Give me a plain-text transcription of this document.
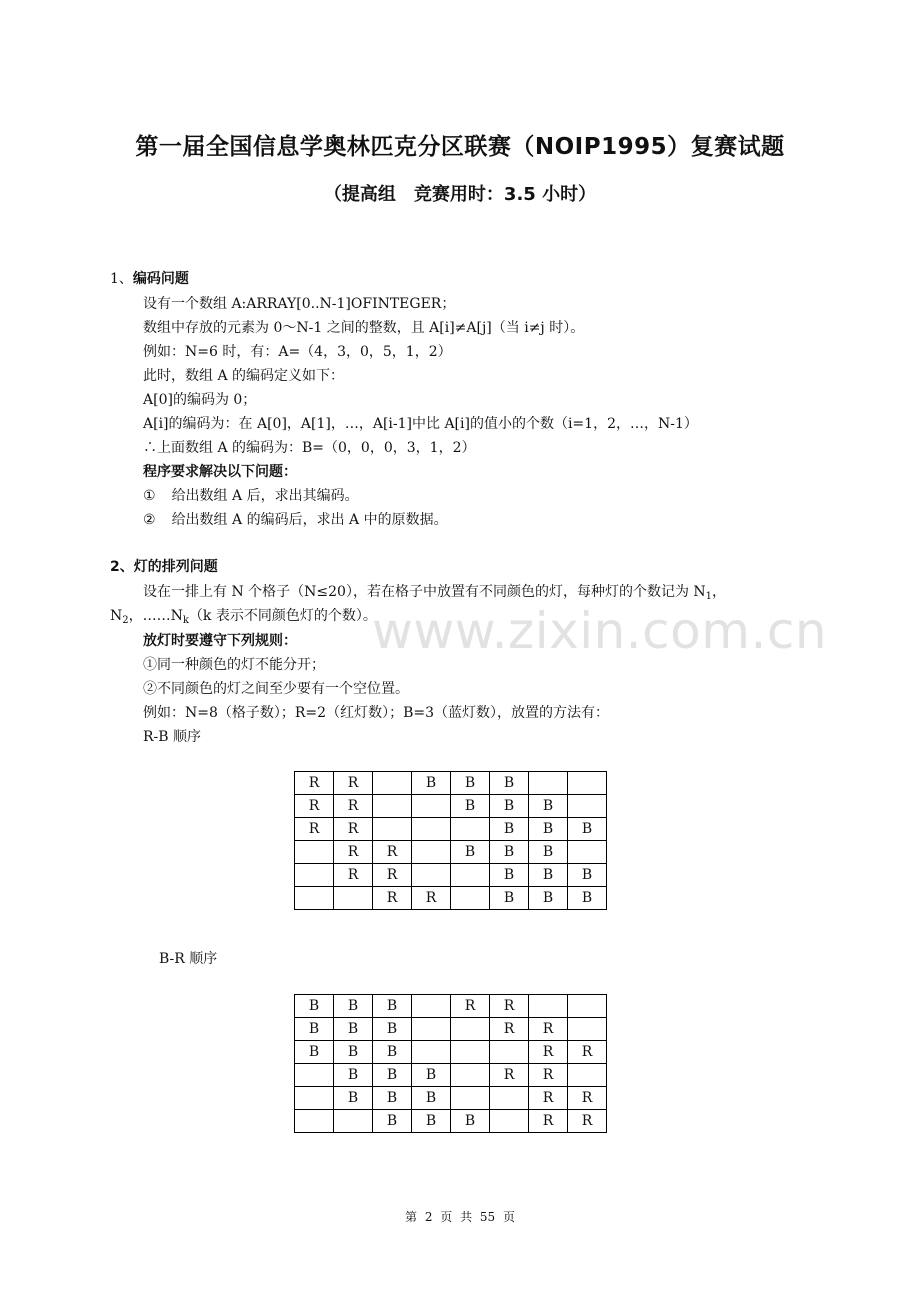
www.zixin.com.cn
第一届全国信息学奥林匹克分区联赛（NOIP1995）复赛试题
（提高组　竞赛用时：3.5 小时）
1、编码问题
设有一个数组 A:ARRAY[0..N-1]OFINTEGER；
数组中存放的元素为 0～N-1 之间的整数，且 A[i]≠A[j]（当 i≠j 时）。
例如：N=6 时，有：A=（4，3，0，5，1，2）
此时，数组 A 的编码定义如下：
A[0]的编码为 0；
A[i]的编码为：在 A[0]，A[1]，…，A[i-1]中比 A[i]的值小的个数（i=1，2，…，N-1）
∴上面数组 A 的编码为：B=（0，0，0，3，1，2）
程序要求解决以下问题：
① 给出数组 A 后，求出其编码。
② 给出数组 A 的编码后，求出 A 中的原数据。
2、灯的排列问题
设在一排上有 N 个格子（N≤20），若在格子中放置有不同颜色的灯，每种灯的个数记为 $N_1$，
$N_2$，$\dots\dots N_k(k$ 表示不同颜色灯的个数）。
放灯时要遵守下列规则：
①同一种颜色的灯不能分开；
②不同颜色的灯之间至少要有一个空位置。
例如：N=8（格子数）；R=2（红灯数）；B=3（蓝灯数），放置的方法有：
R-B 顺序
R	R		B	B	B		
R	R			B	B	B	
R	R				B	B	B
	R	R		B	B	B	
	R	R			B	B	B
		R	R		B	B	B
B-R 顺序
B	B	B		R	R		
B	B	B			R	R	
B	B	B				R	R
	B	B	B		R	R	
	B	B	B			R	R
		B	B	B		R	R
第 2 页 共 55 页
